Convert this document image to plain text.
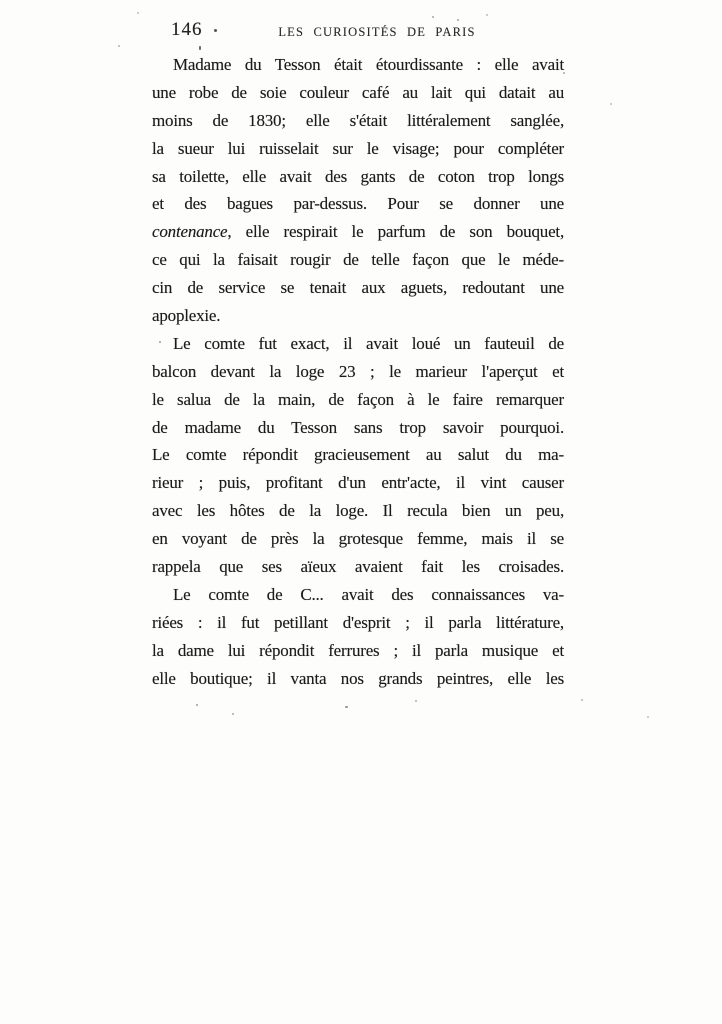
146	LES CURIOSITÉS DE PARIS
Madame du Tesson était étourdissante : elle avait
une robe de soie couleur café au lait qui datait au
moins de 1830; elle s'était littéralement sanglée,
la sueur lui ruisselait sur le visage; pour compléter
sa toilette, elle avait des gants de coton trop longs
et des bagues par-dessus. Pour se donner une
contenance, elle respirait le parfum de son bouquet,
ce qui la faisait rougir de telle façon que le méde-
cin de service se tenait aux aguets, redoutant une
apoplexie.
Le comte fut exact, il avait loué un fauteuil de
balcon devant la loge 23 ; le marieur l'aperçut et
le salua de la main, de façon à le faire remarquer
de madame du Tesson sans trop savoir pourquoi.
Le comte répondit gracieusement au salut du ma-
rieur ; puis, profitant d'un entr'acte, il vint causer
avec les hôtes de la loge. Il recula bien un peu,
en voyant de près la grotesque femme, mais il se
rappela que ses aïeux avaient fait les croisades.
Le comte de C... avait des connaissances va-
riées : il fut petillant d'esprit ; il parla littérature,
la dame lui répondit ferrures ; il parla musique et
elle boutique; il vanta nos grands peintres, elle les
